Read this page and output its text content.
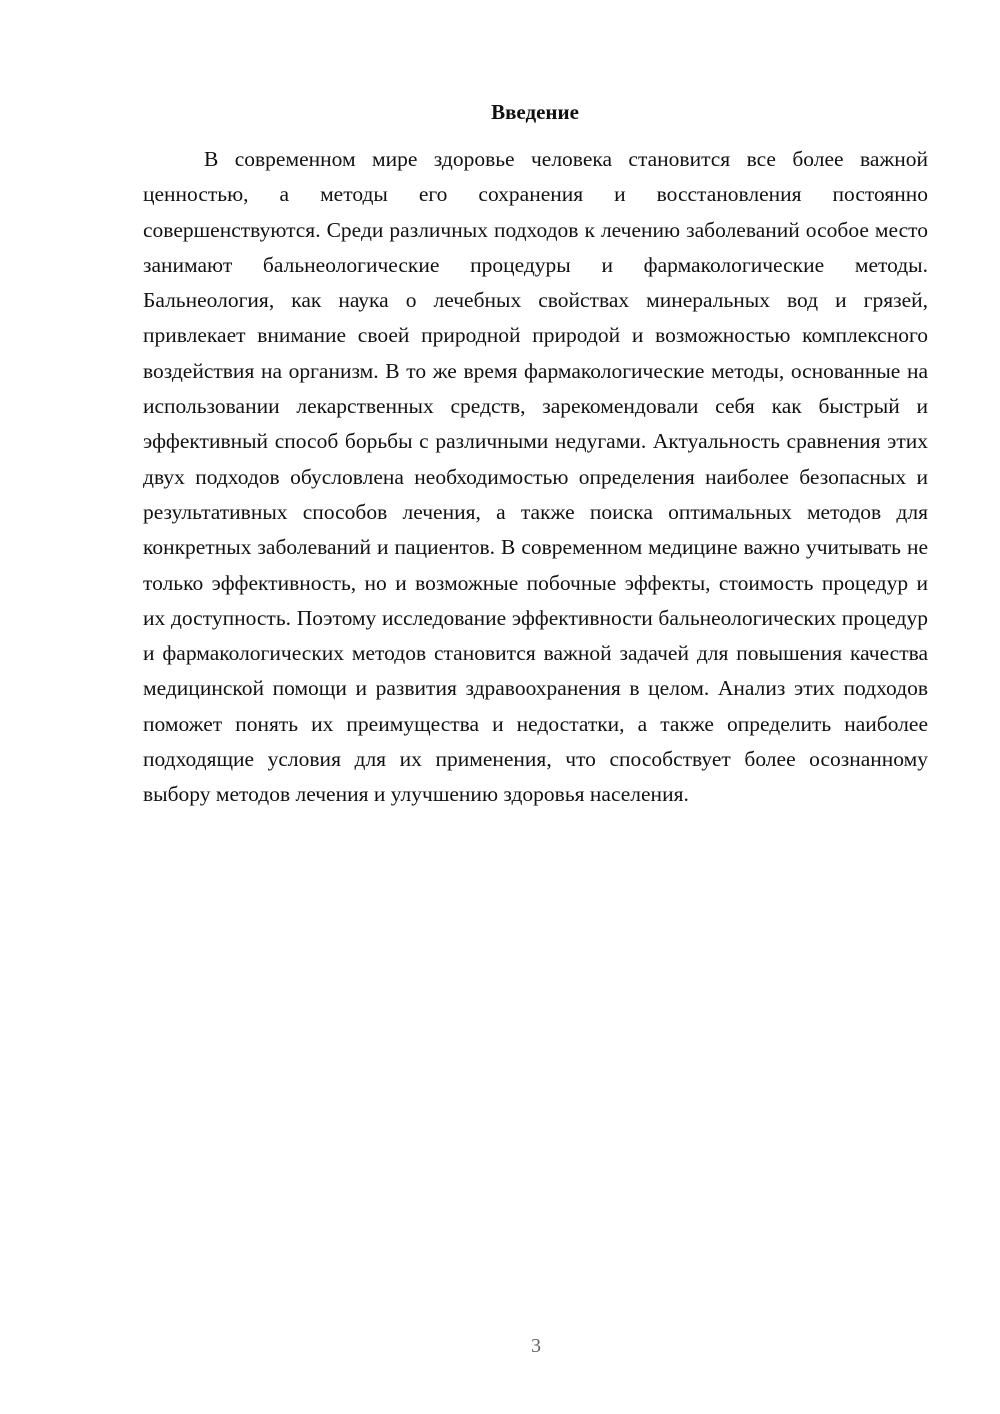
Введение

В современном мире здоровье человека становится все более важной ценностью, а методы его сохранения и восстановления постоянно совершенствуются. Среди различных подходов к лечению заболеваний особое место занимают бальнеологические процедуры и фармакологические методы. Бальнеология, как наука о лечебных свойствах минеральных вод и грязей, привлекает внимание своей природной природой и возможностью комплексного воздействия на организм. В то же время фармакологические методы, основанные на использовании лекарственных средств, зарекомендовали себя как быстрый и эффективный способ борьбы с различными недугами. Актуальность сравнения этих двух подходов обусловлена необходимостью определения наиболее безопасных и результативных способов лечения, а также поиска оптимальных методов для конкретных заболеваний и пациентов. В современном медицине важно учитывать не только эффективность, но и возможные побочные эффекты, стоимость процедур и их доступность. Поэтому исследование эффективности бальнеологических процедур и фармакологических методов становится важной задачей для повышения качества медицинской помощи и развития здравоохранения в целом. Анализ этих подходов поможет понять их преимущества и недостатки, а также определить наиболее подходящие условия для их применения, что способствует более осознанному выбору методов лечения и улучшению здоровья населения.

3
